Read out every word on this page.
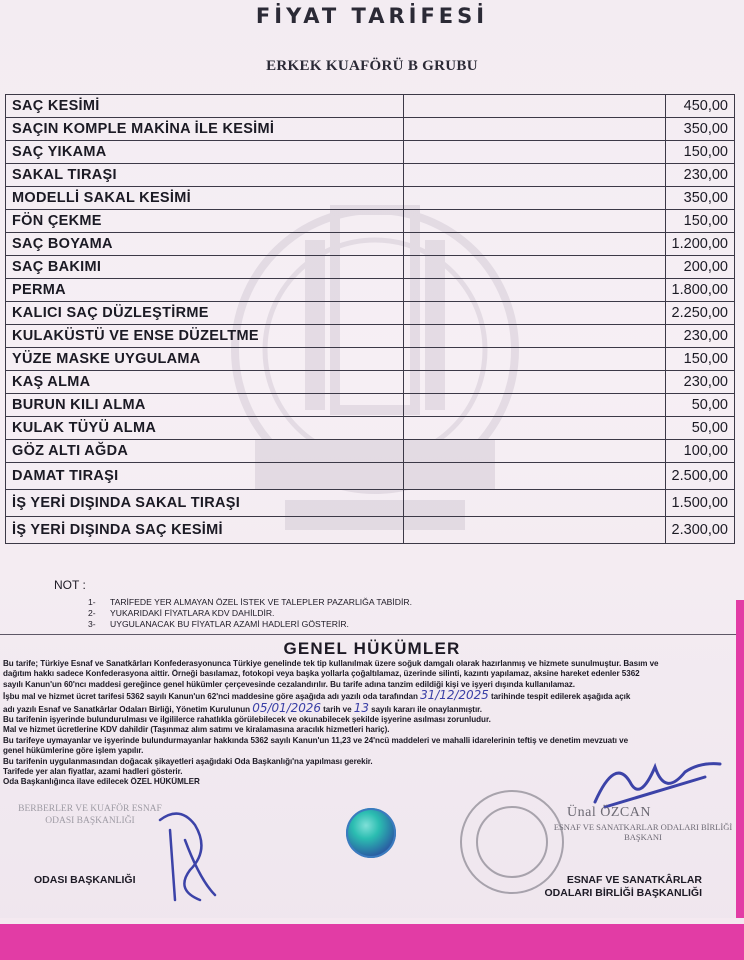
FİYAT TARİFESİ
ERKEK KUAFÖRÜ B GRUBU
SAÇ KESİMİ		450,00
SAÇIN KOMPLE MAKİNA İLE KESİMİ		350,00
SAÇ YIKAMA		150,00
SAKAL TIRAŞI		230,00
MODELLİ SAKAL KESİMİ		350,00
FÖN ÇEKME		150,00
SAÇ BOYAMA		1.200,00
SAÇ BAKIMI		200,00
PERMA		1.800,00
KALICI SAÇ DÜZLEŞTİRME		2.250,00
KULAKÜSTÜ VE ENSE DÜZELTME		230,00
YÜZE MASKE UYGULAMA		150,00
KAŞ ALMA		230,00
BURUN KILI ALMA		50,00
KULAK TÜYÜ ALMA		50,00
GÖZ ALTI AĞDA		100,00
DAMAT TIRAŞI		2.500,00
İŞ YERİ DIŞINDA SAKAL TIRAŞI		1.500,00
İŞ YERİ DIŞINDA SAÇ KESİMİ		2.300,00
NOT :
1- TARİFEDE YER ALMAYAN ÖZEL İSTEK VE TALEPLER PAZARLIĞA TABİDİR.
2- YUKARIDAKİ FİYATLARA KDV DAHİLDİR.
3- UYGULANACAK BU FİYATLAR AZAMİ HADLERİ GÖSTERİR.
GENEL HÜKÜMLER
Bu tarife; Türkiye Esnaf ve Sanatkârları Konfederasyonunca Türkiye genelinde tek tip kullanılmak üzere soğuk damgalı olarak hazırlanmış ve hizmete sunulmuştur. Basım ve
dağıtım hakkı sadece Konfederasyona aittir. Örneği basılamaz, fotokopi veya başka yollarla çoğaltılamaz, üzerinde silinti, kazıntı yapılamaz, aksine hareket edenler 5362
sayılı Kanun'un 60'ncı maddesi gereğince genel hükümler çerçevesinde cezalandırılır. Bu tarife adına tanzim edildiği kişi ve işyeri dışında kullanılamaz.
İşbu mal ve hizmet ücret tarifesi 5362 sayılı Kanun'un 62'nci maddesine göre aşağıda adı yazılı oda tarafından 31/12/2025 tarihinde tespit edilerek aşağıda açık
adı yazılı Esnaf ve Sanatkârlar Odaları Birliği, Yönetim Kurulunun 05/01/2026 tarih ve 13 sayılı kararı ile onaylanmıştır.
Bu tarifenin işyerinde bulundurulması ve ilgililerce rahatlıkla görülebilecek ve okunabilecek şekilde işyerine asılması zorunludur.
Mal ve hizmet ücretlerine KDV dahildir (Taşınmaz alım satımı ve kiralamasına aracılık hizmetleri hariç).
Bu tarifeye uymayanlar ve işyerinde bulundurmayanlar hakkında 5362 sayılı Kanun'un 11,23 ve 24'ncü maddeleri ve mahalli idarelerinin teftiş ve denetim mevzuatı ve
genel hükümlerine göre işlem yapılır.
Bu tarifenin uygulanmasından doğacak şikayetleri aşağıdaki Oda Başkanlığı'na yapılması gerekir.
Tarifede yer alan fiyatlar, azami hadleri gösterir.
Oda Başkanlığınca ilave edilecek ÖZEL HÜKÜMLER
BERBERLER VE KUAFÖR ESNAF ODASI BAŞKANLIĞI
ODASI BAŞKANLIĞI
Ünal ÖZCAN
ESNAF VE SANATKARLAR ODALARI BİRLİĞİ BAŞKANI
ESNAF VE SANATKÂRLAR
ODALARI BİRLİĞİ BAŞKANLIĞI
